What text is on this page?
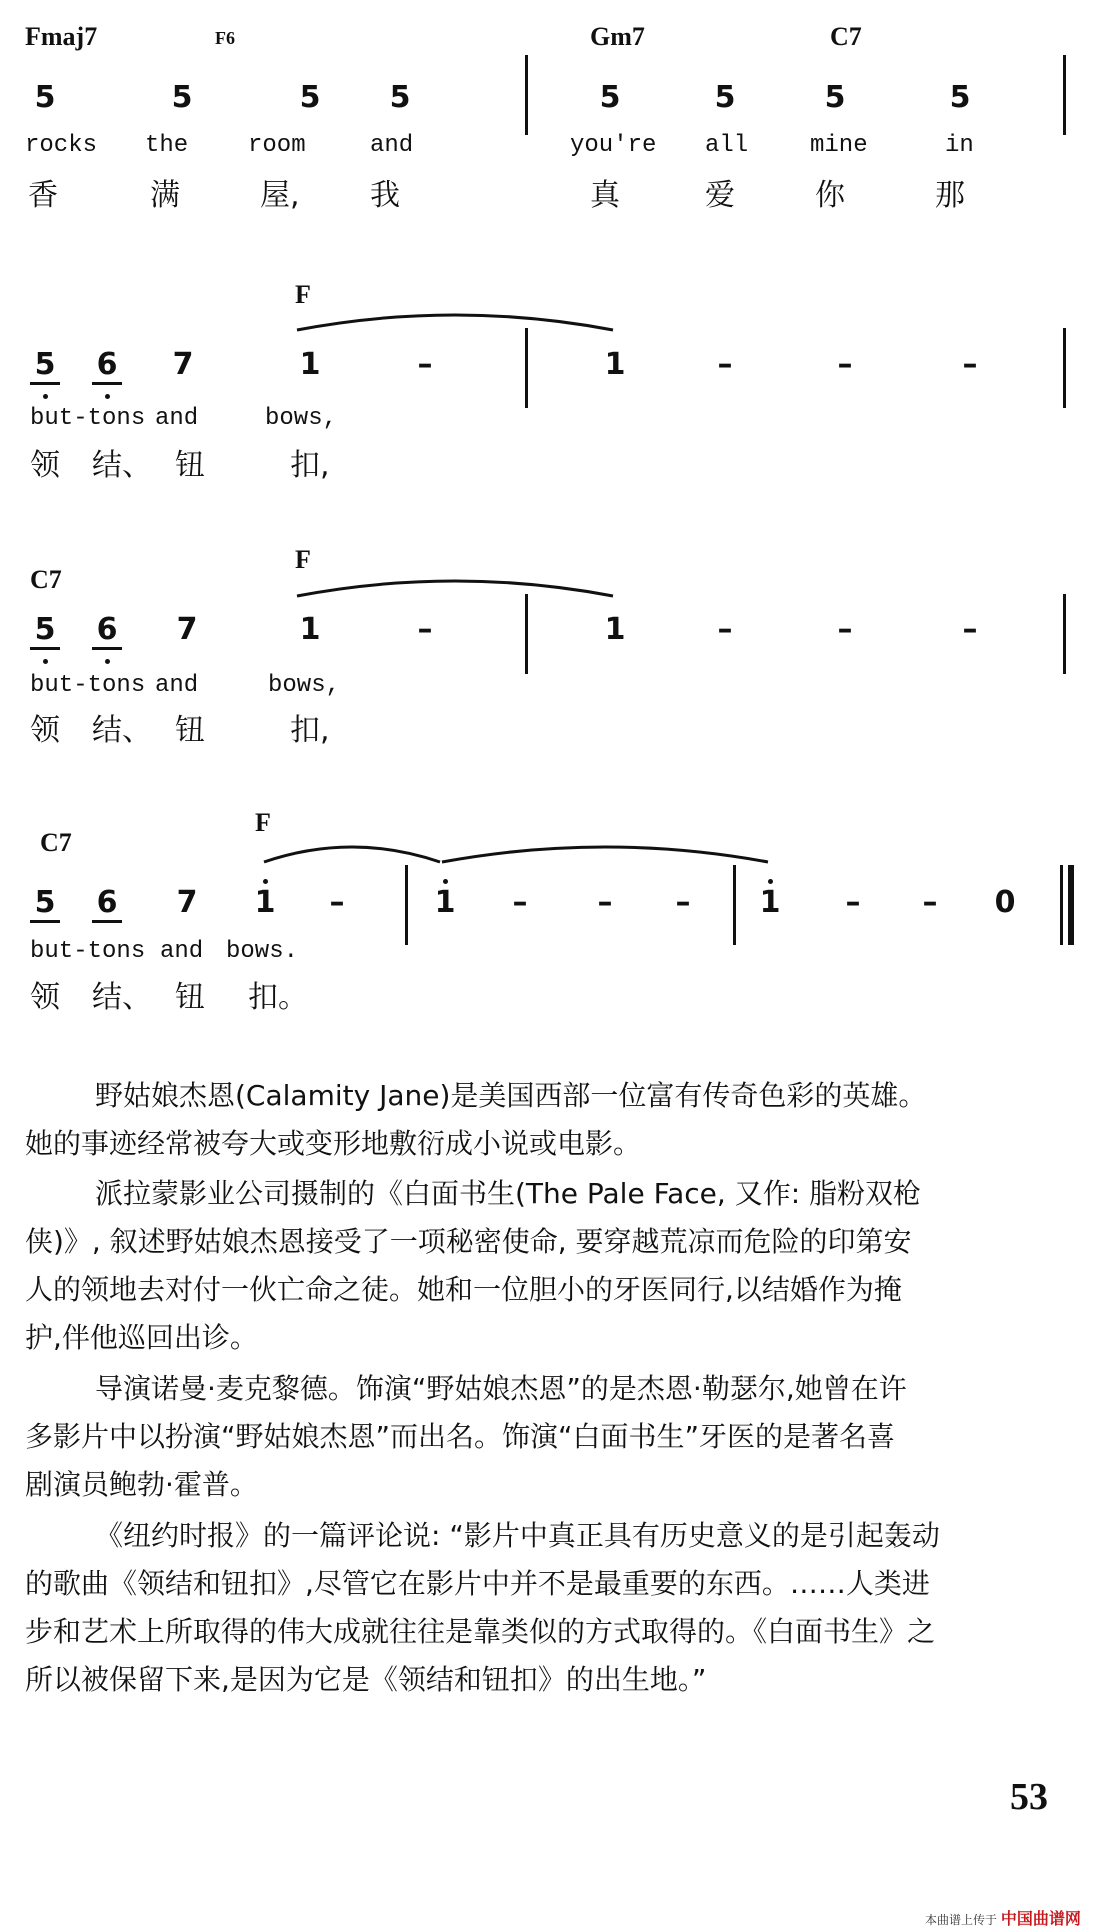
Fmaj7	F6	Gm7	C7
5	5	5 5	5	5	5	5
rocks the room	and	you're all	mine	in
香	满	屋, 我	真	爱	你	那
F
5 6 7	1	–	1	–	–	–
but-tons and	bows,
领 结、 钮	扣,
C7
F
5 6 7	1	–	1	–	–	–
but-tons and	bows,
领 结、 钮	扣,
C7
F
5 6 7 1 –	1 – – – 1 – – 0
but-tons and bows.
领 结、 钮 扣。
野姑娘杰恩(Calamity Jane)是美国西部一位富有传奇色彩的英雄。
她的事迹经常被夸大或变形地敷衍成小说或电影。
派拉蒙影业公司摄制的《白面书生(The Pale Face, 又作: 脂粉双枪
侠)》, 叙述野姑娘杰恩接受了一项秘密使命, 要穿越荒凉而危险的印第安
人的领地去对付一伙亡命之徒。她和一位胆小的牙医同行,以结婚作为掩
护,伴他巡回出诊。
导演诺曼·麦克黎德。饰演“野姑娘杰恩”的是杰恩·勒瑟尔,她曾在许
多影片中以扮演“野姑娘杰恩”而出名。饰演“白面书生”牙医的是著名喜
剧演员鲍勃·霍普。
《纽约时报》的一篇评论说: “影片中真正具有历史意义的是引起轰动
的歌曲《领结和钮扣》,尽管它在影片中并不是最重要的东西。……人类进
步和艺术上所取得的伟大成就往往是靠类似的方式取得的。《白面书生》之
所以被保留下来,是因为它是《领结和钮扣》的出生地。”
53
本曲谱上传于 中国曲谱网
